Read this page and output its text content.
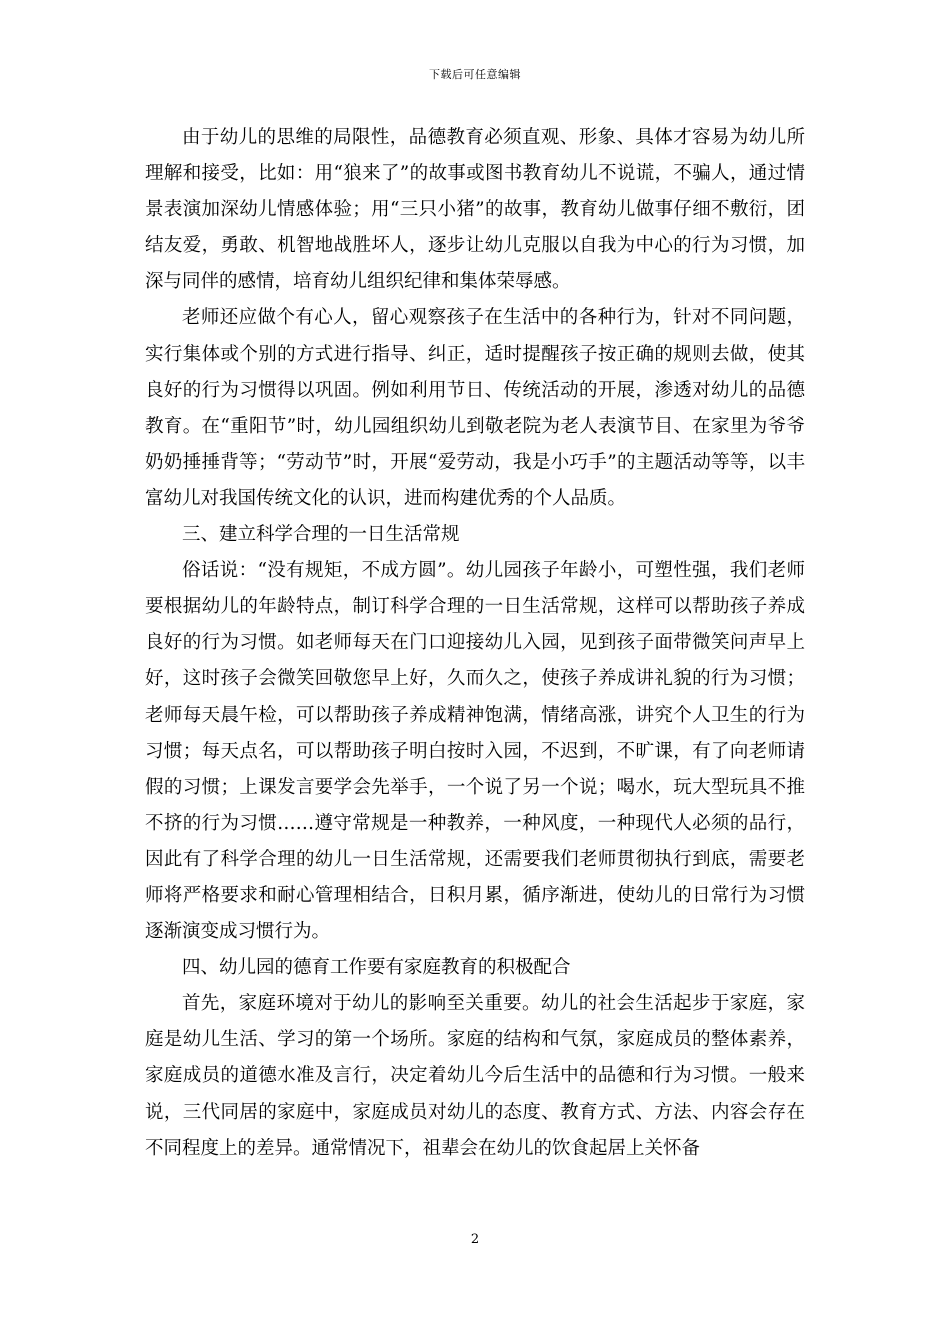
下载后可任意编辑

由于幼儿的思维的局限性，品德教育必须直观、形象、具体才容易为幼儿所理解和接受，比如：用“狼来了”的故事或图书教育幼儿不说谎，不骗人，通过情景表演加深幼儿情感体验；用“三只小猪”的故事，教育幼儿做事仔细不敷衍，团结友爱，勇敢、机智地战胜坏人，逐步让幼儿克服以自我为中心的行为习惯，加深与同伴的感情，培育幼儿组织纪律和集体荣辱感。

老师还应做个有心人，留心观察孩子在生活中的各种行为，针对不同问题，实行集体或个别的方式进行指导、纠正，适时提醒孩子按正确的规则去做，使其良好的行为习惯得以巩固。例如利用节日、传统活动的开展，渗透对幼儿的品德教育。在“重阳节”时，幼儿园组织幼儿到敬老院为老人表演节目、在家里为爷爷奶奶捶捶背等；“劳动节”时，开展“爱劳动，我是小巧手”的主题活动等等，以丰富幼儿对我国传统文化的认识，进而构建优秀的个人品质。

三、建立科学合理的一日生活常规

俗话说：“没有规矩，不成方圆”。幼儿园孩子年龄小，可塑性强，我们老师要根据幼儿的年龄特点，制订科学合理的一日生活常规，这样可以帮助孩子养成良好的行为习惯。如老师每天在门口迎接幼儿入园，见到孩子面带微笑问声早上好，这时孩子会微笑回敬您早上好，久而久之，使孩子养成讲礼貌的行为习惯；老师每天晨午检，可以帮助孩子养成精神饱满，情绪高涨，讲究个人卫生的行为习惯；每天点名，可以帮助孩子明白按时入园，不迟到，不旷课，有了向老师请假的习惯；上课发言要学会先举手，一个说了另一个说；喝水，玩大型玩具不推不挤的行为习惯……遵守常规是一种教养，一种风度，一种现代人必须的品行，因此有了科学合理的幼儿一日生活常规，还需要我们老师贯彻执行到底，需要老师将严格要求和耐心管理相结合，日积月累，循序渐进，使幼儿的日常行为习惯逐渐演变成习惯行为。

四、幼儿园的德育工作要有家庭教育的积极配合

首先，家庭环境对于幼儿的影响至关重要。幼儿的社会生活起步于家庭，家庭是幼儿生活、学习的第一个场所。家庭的结构和气氛，家庭成员的整体素养，家庭成员的道德水准及言行，决定着幼儿今后生活中的品德和行为习惯。一般来说，三代同居的家庭中，家庭成员对幼儿的态度、教育方式、方法、内容会存在不同程度上的差异。通常情况下，祖辈会在幼儿的饮食起居上关怀备

2
